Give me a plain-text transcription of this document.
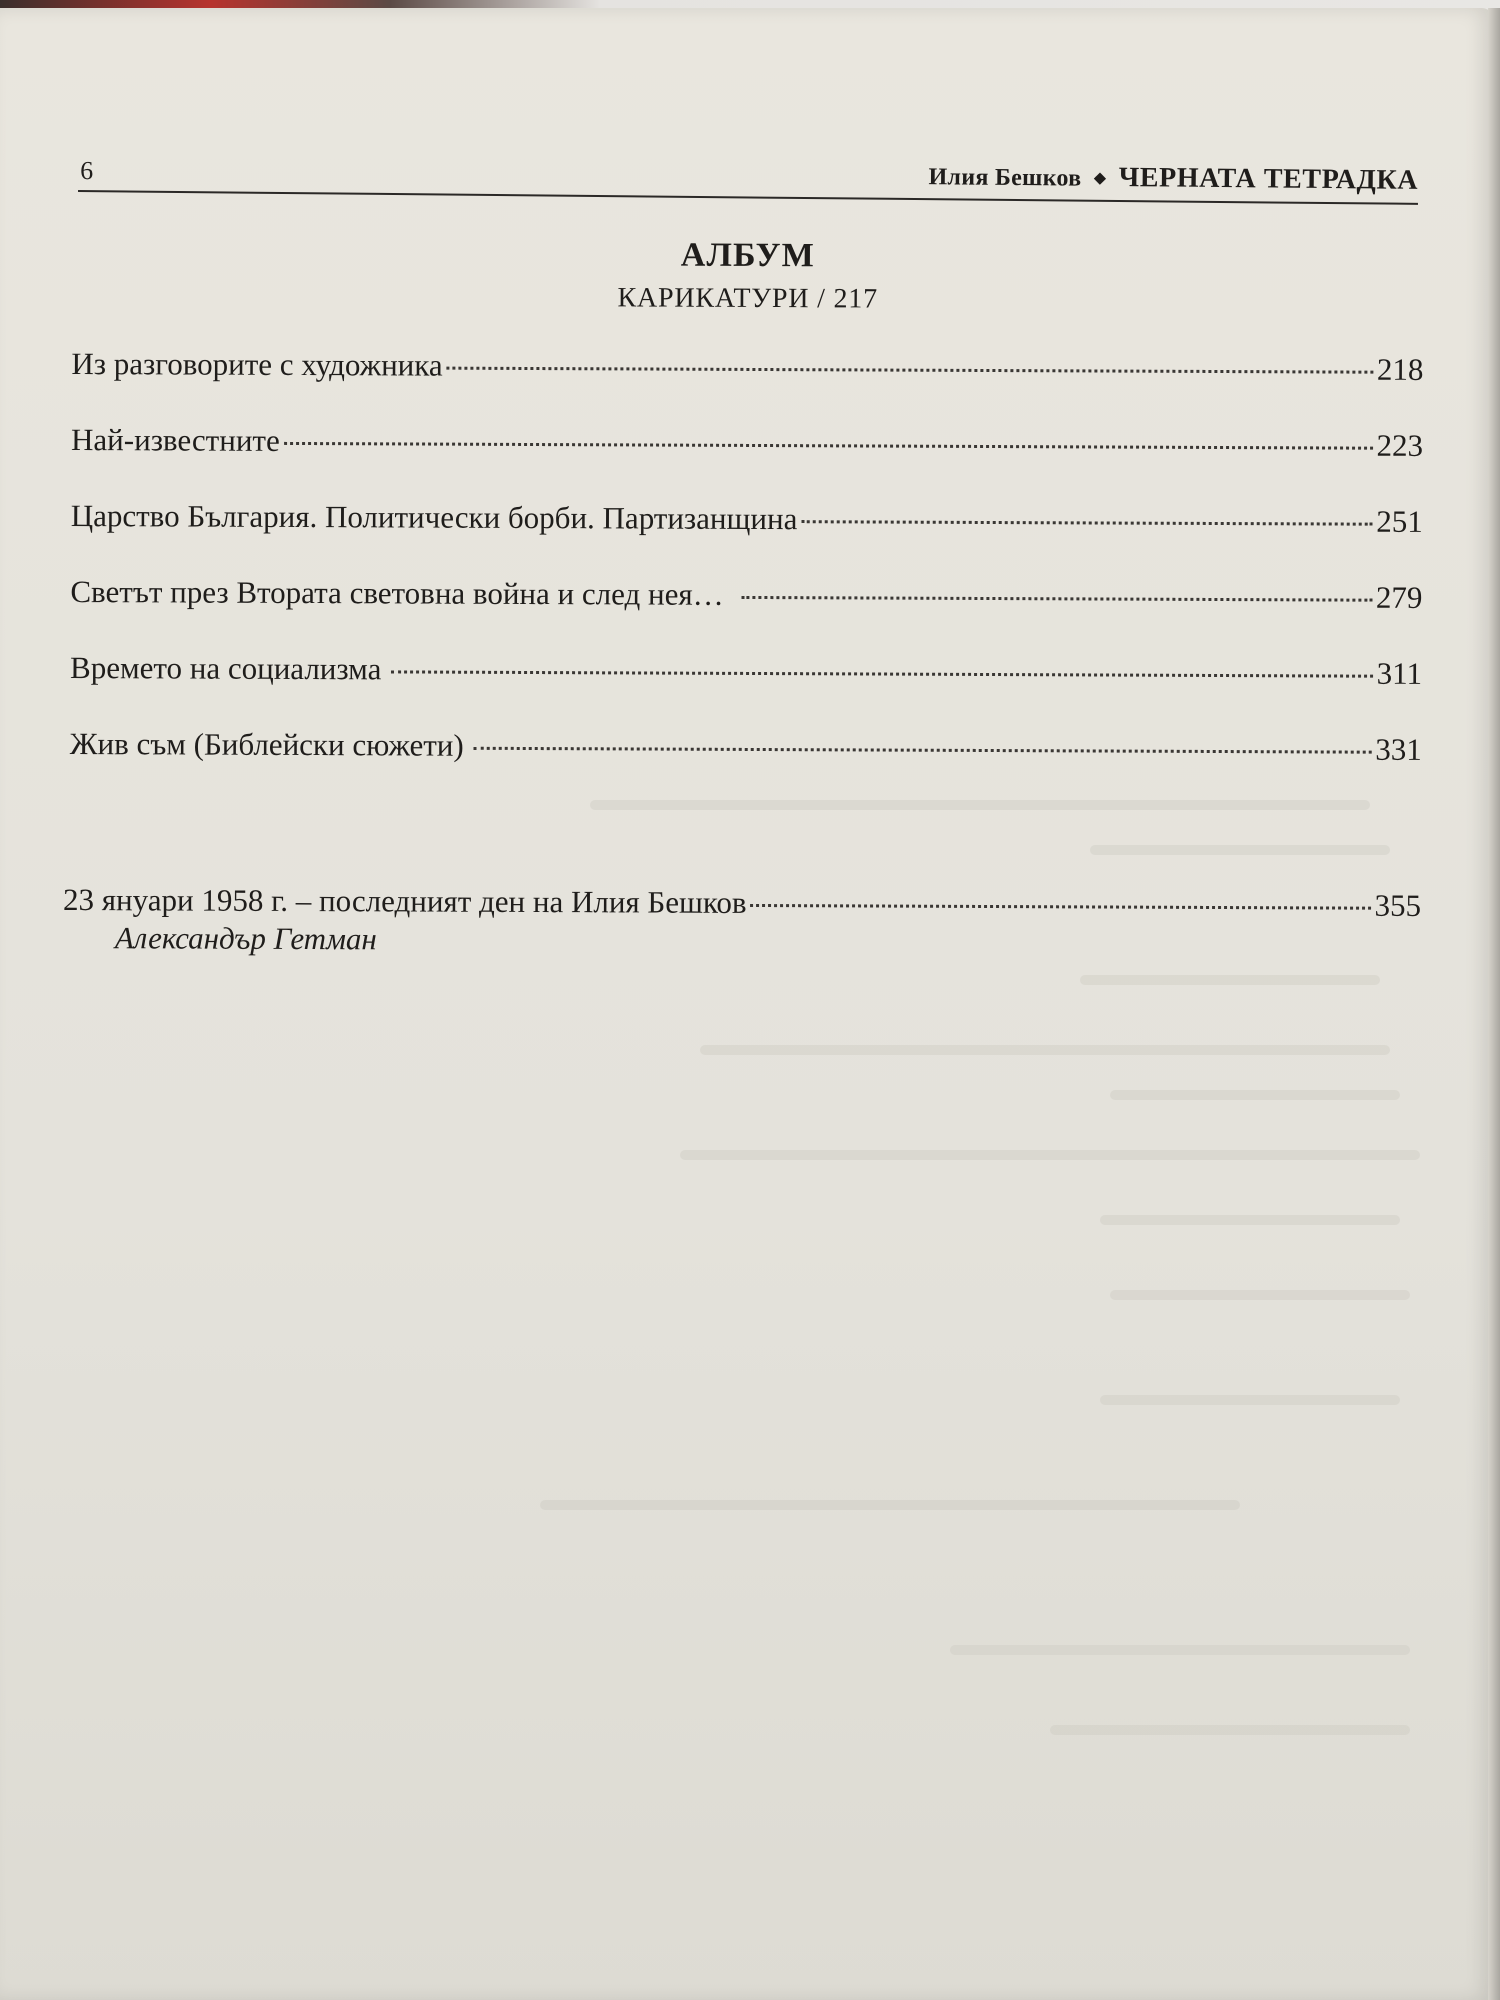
6	Илия Бешков ◆ ЧЕРНАТА ТЕТРАДКА
АЛБУМ
КАРИКАТУРИ / 217
Из разговорите с художника	218
Най-известните	223
Царство България. Политически борби. Партизанщина	251
Светът през Втората световна война и след нея…	279
Времето на социализма	311
Жив съм (Библейски сюжети)	331
23 януари 1958 г. – последният ден на Илия Бешков	355
Александър Гетман
